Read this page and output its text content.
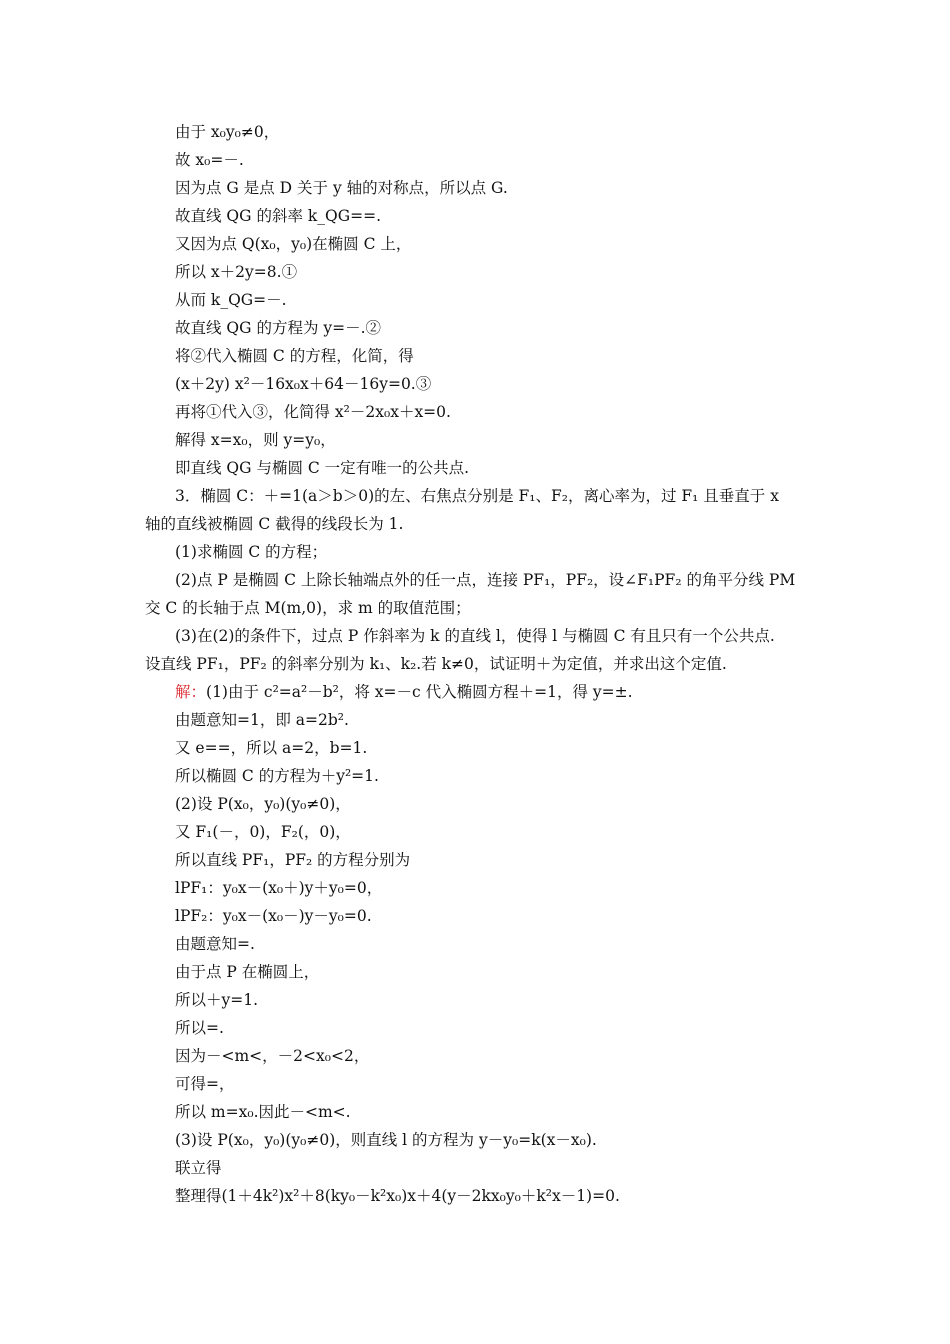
由于 x₀y₀≠0，
故 x₀=－.
因为点 G 是点 D 关于 y 轴的对称点，所以点 G.
故直线 QG 的斜率 k_QG==.
又因为点 Q(x₀，y₀)在椭圆 C 上，
所以 x＋2y=8.①
从而 k_QG=－.
故直线 QG 的方程为 y=－.②
将②代入椭圆 C 的方程，化简，得
(x＋2y) x²－16x₀x＋64－16y=0.③
再将①代入③，化简得 x²－2x₀x＋x=0.
解得 x=x₀，则 y=y₀，
即直线 QG 与椭圆 C 一定有唯一的公共点.
3．椭圆 C：＋=1(a＞b＞0)的左、右焦点分别是 F₁、F₂，离心率为，过 F₁ 且垂直于 x
轴的直线被椭圆 C 截得的线段长为 1.
(1)求椭圆 C 的方程；
(2)点 P 是椭圆 C 上除长轴端点外的任一点，连接 PF₁，PF₂，设∠F₁PF₂ 的角平分线 PM
交 C 的长轴于点 M(m,0)，求 m 的取值范围；
(3)在(2)的条件下，过点 P 作斜率为 k 的直线 l，使得 l 与椭圆 C 有且只有一个公共点.
设直线 PF₁，PF₂ 的斜率分别为 k₁、k₂.若 k≠0，试证明＋为定值，并求出这个定值.
解：(1)由于 c²=a²－b²，将 x=－c 代入椭圆方程＋=1，得 y=±.
由题意知=1，即 a=2b².
又 e==，所以 a=2，b=1.
所以椭圆 C 的方程为＋y²=1.
(2)设 P(x₀，y₀)(y₀≠0)，
又 F₁(－，0)，F₂(，0)，
所以直线 PF₁，PF₂ 的方程分别为
lPF₁：y₀x－(x₀＋)y＋y₀=0，
lPF₂：y₀x－(x₀－)y－y₀=0.
由题意知=.
由于点 P 在椭圆上，
所以＋y=1.
所以=.
因为－<m<，－2<x₀<2，
可得=，
所以 m=x₀.因此－<m<.
(3)设 P(x₀，y₀)(y₀≠0)，则直线 l 的方程为 y－y₀=k(x－x₀).
联立得
整理得(1＋4k²)x²＋8(ky₀－k²x₀)x＋4(y－2kx₀y₀＋k²x－1)=0.
